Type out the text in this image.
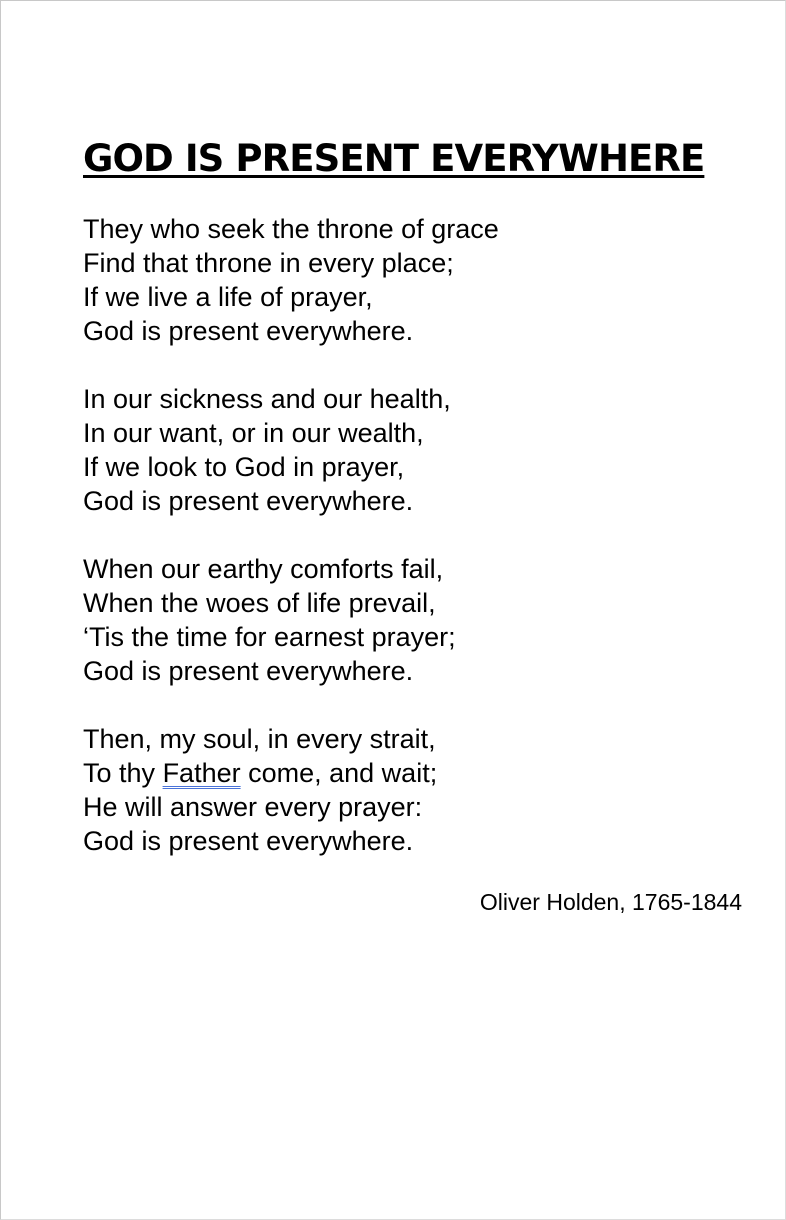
GOD IS PRESENT EVERYWHERE
They who seek the throne of grace
Find that throne in every place;
If we live a life of prayer,
God is present everywhere.
In our sickness and our health,
In our want, or in our wealth,
If we look to God in prayer,
God is present everywhere.
When our earthy comforts fail,
When the woes of life prevail,
‘Tis the time for earnest prayer;
God is present everywhere.
Then, my soul, in every strait,
To thy Father come, and wait;
He will answer every prayer:
God is present everywhere.
Oliver Holden, 1765-1844
